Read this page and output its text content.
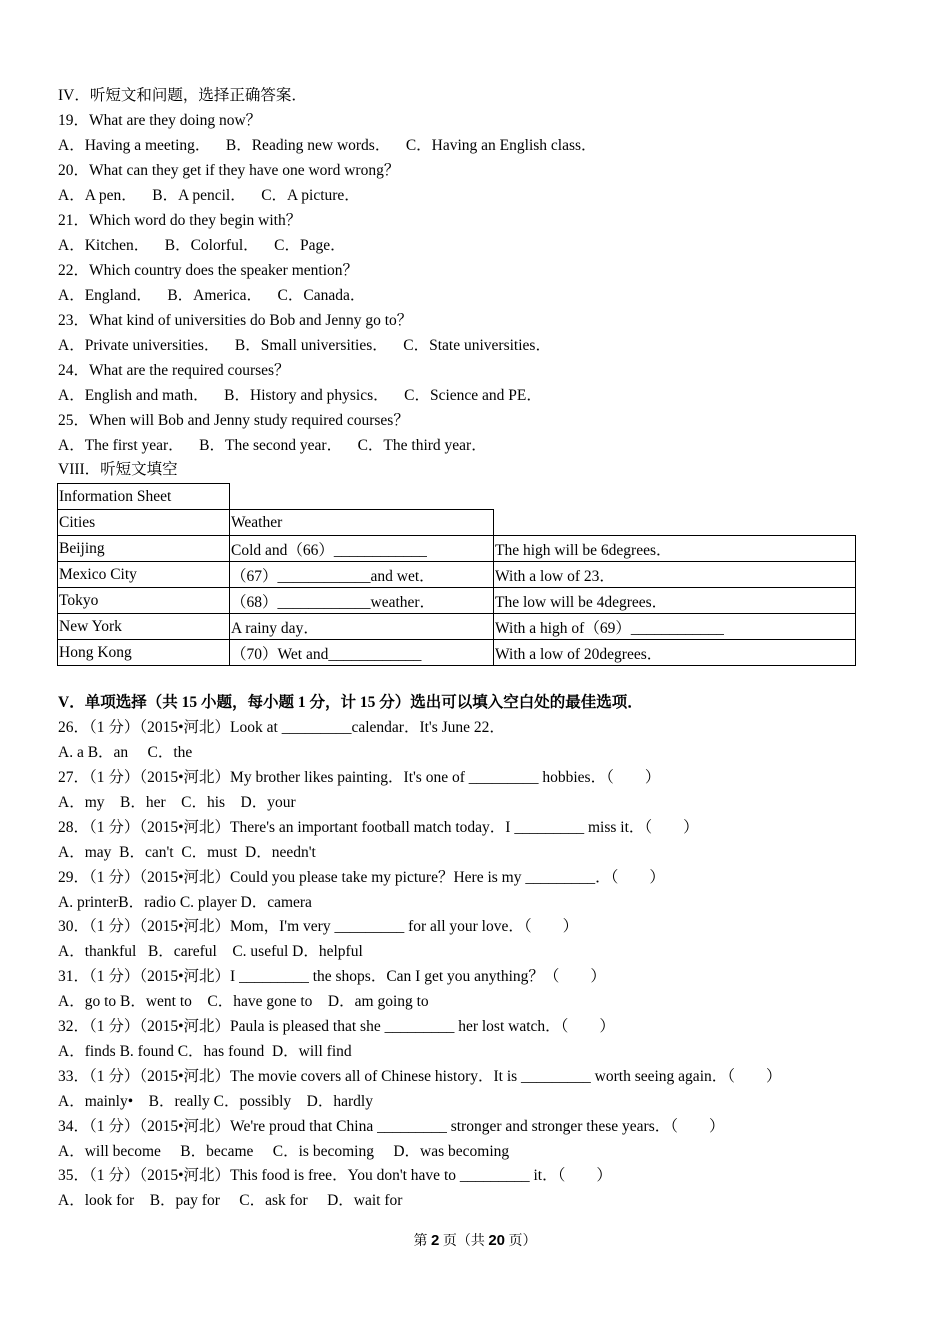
IV．听短文和问题，选择正确答案．
19．What are they doing now？
A．Having a meeting．    B．Reading new words．    C．Having an English class．
20．What can they get if they have one word wrong？
A．A pen．    B．A pencil．    C．A picture．
21．Which word do they begin with？
A．Kitchen．    B．Colorful．    C．Page．
22．Which country does the speaker mention？
A．England．    B．America．    C．Canada．
23．What kind of universities do Bob and Jenny go to？
A．Private universities．    B．Small universities．    C．State universities．
24．What are the required courses？
A．English and math．    B．History and physics．    C．Science and PE．
25．When will Bob and Jenny study required courses？
A．The first year．    B．The second year．    C．The third year．
VIII．听短文填空
Information Sheet		
Cities	Weather	
Beijing	Cold and（66）____________	The high will be 6degrees．
Mexico City	（67）____________and wet．	With a low of 23．
Tokyo	（68）____________weather．	The low will be 4degrees．
New York	A rainy day．	With a high of（69）____________
Hong Kong	（70）Wet and____________	With a low of 20degrees．
V．单项选择（共 15 小题，每小题 1 分，计 15 分）选出可以填入空白处的最佳选项．
26．（1 分）（2015•河北）Look at _________calendar．It's June 22．
A. a B．an     C．the
27．（1 分）（2015•河北）My brother likes painting．It's one of _________ hobbies．（        ）
A．my    B．her    C．his    D．your
28．（1 分）（2015•河北）There's an important football match today．I _________ miss it．（        ）
A．may  B．can't  C．must  D．needn't
29．（1 分）（2015•河北）Could you please take my picture？Here is my _________．（        ）
A. printerB．radio C. player D．camera
30．（1 分）（2015•河北）Mom，I'm very _________ for all your love．（        ）
A．thankful   B．careful    C. useful D．helpful
31．（1 分）（2015•河北）I _________ the shops．Can I get you anything？（        ）
A．go to B．went to    C．have gone to    D．am going to
32．（1 分）（2015•河北）Paula is pleased that she _________ her lost watch．（        ）
A．finds B. found C．has found  D．will find
33．（1 分）（2015•河北）The movie covers all of Chinese history．It is _________ worth seeing again．（        ）
A．mainly•    B．really C．possibly    D．hardly
34．（1 分）（2015•河北）We're proud that China _________ stronger and stronger these years．（        ）
A．will become     B．became     C．is becoming     D．was becoming
35．（1 分）（2015•河北）This food is free．You don't have to _________ it．（        ）
A．look for    B．pay for     C．ask for     D．wait for
第 2 页（共 20 页）
